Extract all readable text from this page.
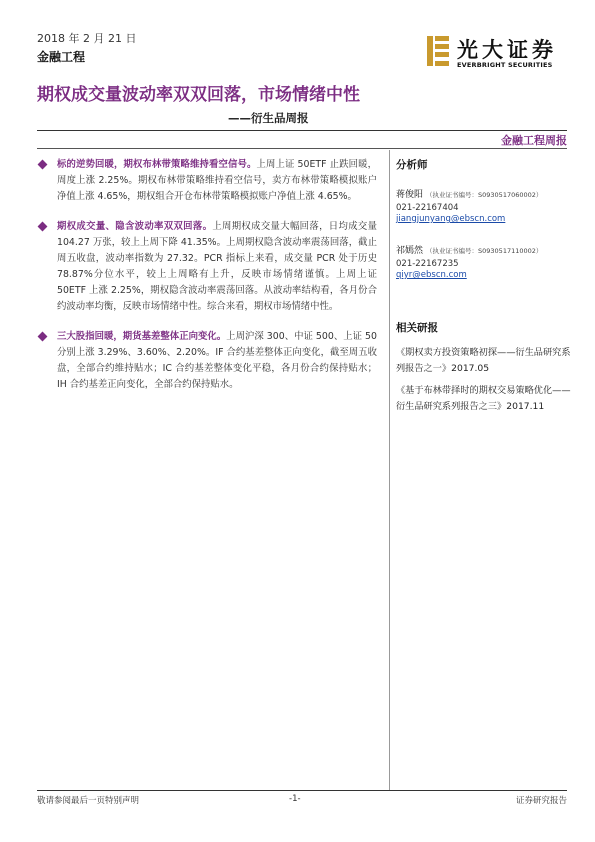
2018 年 2 月 21 日
金融工程	光大证券
EVERBRIGHT SECURITIES
期权成交量波动率双双回落，市场情绪中性
——衍生品周报
金融工程周报
标的逆势回暖，期权布林带策略维持看空信号。上周上证 50ETF 止跌回暖，周度上涨 2.25%。期权布林带策略维持看空信号，卖方布林带策略模拟账户净值上涨 4.65%，期权组合开仓布林带策略模拟账户净值上涨 4.65%。
期权成交量、隐含波动率双双回落。上周期权成交量大幅回落，日均成交量 104.27 万张，较上上周下降 41.35%。上周期权隐含波动率震荡回落，截止周五收盘，波动率指数为 27.32。PCR 指标上来看，成交量 PCR 处于历史 78.87%分位水平，较上上周略有上升，反映市场情绪谨慎。上周上证 50ETF 上涨 2.25%，期权隐含波动率震荡回落。从波动率结构看，各月份合约波动率均衡，反映市场情绪中性。综合来看，期权市场情绪中性。
三大股指回暖，期货基差整体正向变化。上周沪深 300、中证 500、上证 50 分别上涨 3.29%、3.60%、2.20%。IF 合约基差整体正向变化，截至周五收盘，全部合约维持贴水；IC 合约基差整体变化平稳，各月份合约保持贴水；IH 合约基差正向变化，全部合约保持贴水。
分析师
蒋俊阳 （执业证书编号：S0930517060002）
021-22167404
jiangjunyang@ebscn.com
祁嫣然 （执业证书编号：S0930517110002）
021-22167235
qiyr@ebscn.com
相关研报
《期权卖方投资策略初探——衍生品研究系列报告之一》2017.05
《基于布林带择时的期权交易策略优化——衍生品研究系列报告之三》2017.11
敬请参阅最后一页特别声明	-1-	证券研究报告
